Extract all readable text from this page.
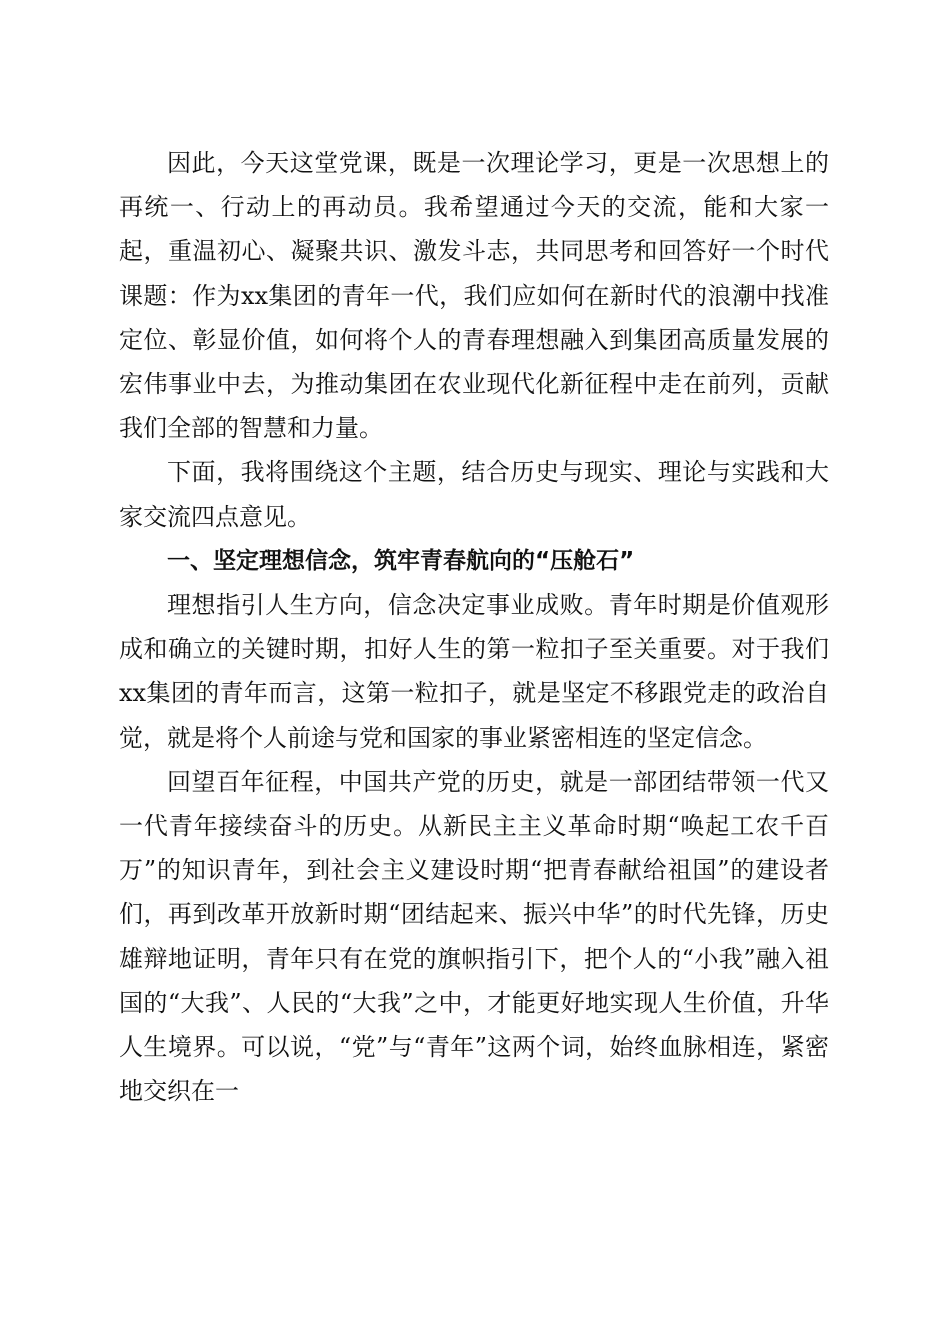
因此，今天这堂党课，既是一次理论学习，更是一次思想上的再统一、行动上的再动员。我希望通过今天的交流，能和大家一起，重温初心、凝聚共识、激发斗志，共同思考和回答好一个时代课题：作为xx集团的青年一代，我们应如何在新时代的浪潮中找准定位、彰显价值，如何将个人的青春理想融入到集团高质量发展的宏伟事业中去，为推动集团在农业现代化新征程中走在前列，贡献我们全部的智慧和力量。

下面，我将围绕这个主题，结合历史与现实、理论与实践和大家交流四点意见。

一、坚定理想信念，筑牢青春航向的“压舱石”

理想指引人生方向，信念决定事业成败。青年时期是价值观形成和确立的关键时期，扣好人生的第一粒扣子至关重要。对于我们xx集团的青年而言，这第一粒扣子，就是坚定不移跟党走的政治自觉，就是将个人前途与党和国家的事业紧密相连的坚定信念。

回望百年征程，中国共产党的历史，就是一部团结带领一代又一代青年接续奋斗的历史。从新民主主义革命时期“唤起工农千百万”的知识青年，到社会主义建设时期“把青春献给祖国”的建设者们，再到改革开放新时期“团结起来、振兴中华”的时代先锋，历史雄辩地证明，青年只有在党的旗帜指引下，把个人的“小我”融入祖国的“大我”、人民的“大我”之中，才能更好地实现人生价值，升华人生境界。可以说，“党”与“青年”这两个词，始终血脉相连，紧密地交织在一
